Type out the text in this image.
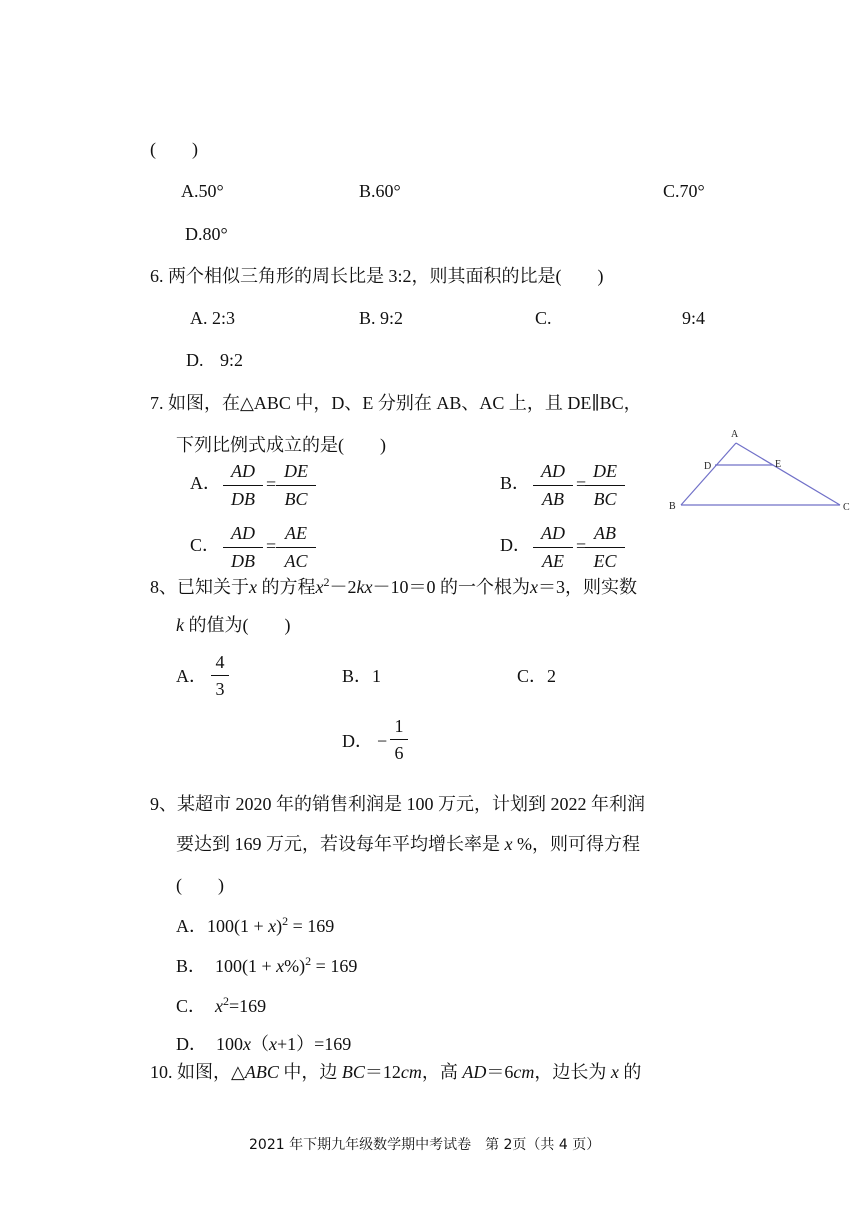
(　　)
A.50°	B.60°	C.70°
D.80°
6. 两个相似三角形的周长比是 3:2，则其面积的比是(　　)
A. 2:3	B. 9:2	C.	9:4
D. 9:2
7. 如图，在△ABC 中，D、E 分别在 AB、AC 上，且 DE∥BC，
下列比例式成立的是(　　)
A．
AD
DB
=
DE
BC
B．
AD
AB
=
DE
BC
C．
AD
DB
=
AE
AC
D．
AD
AE
=
AB
EC
A
D	E
B	C
8、已知关于x 的方程$x^2-2kx-10=0$ 的一个根为x＝3，则实数
k 的值为(　　)
A．
4
3
B．1	C．2
D． −
1
6
9、某超市 2020 年的销售利润是 100 万元，计划到 2022 年利润
要达到 169 万元，若设每年平均增长率是 x %，则可得方程
(　　)
A．$100(1 + x)^2 = 169$
B． $100(1 + x\%)^2 = 169$
C． $x^2=169$
D． 100x（x+1）=169
10. 如图，△ABC 中，边 BC＝12cm，高 AD＝6cm，边长为 x 的
2021 年下期九年级数学期中考试卷　第 2页（共 4 页）
